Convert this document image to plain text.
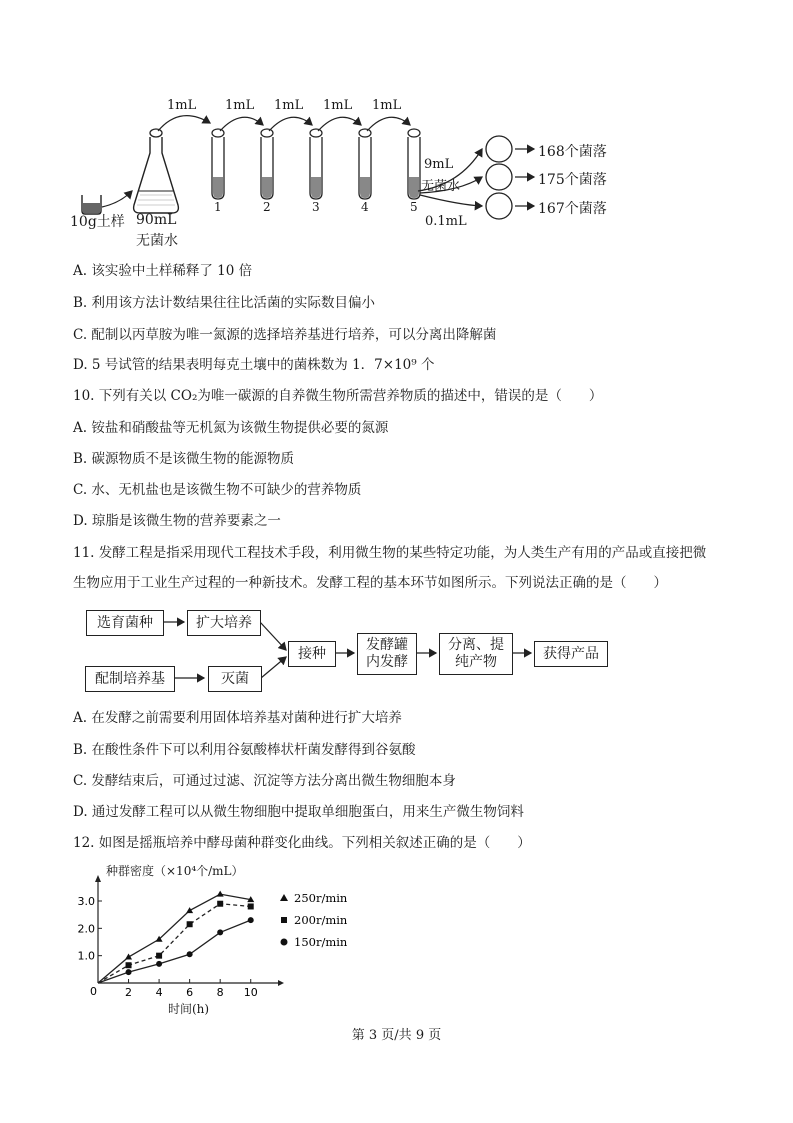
1mL 1mL 1mL 1mL 1mL
10g土样 90mL
无菌水
1	2	3	4	5
9mL
无菌水
0.1mL
168个菌落
175个菌落
167个菌落
A. 该实验中土样稀释了 10 倍
B. 利用该方法计数结果往往比活菌的实际数目偏小
C. 配制以丙草胺为唯一氮源的选择培养基进行培养，可以分离出降解菌
D. 5 号试管的结果表明每克土壤中的菌株数为 1．7×10⁹ 个
10. 下列有关以 CO₂为唯一碳源的自养微生物所需营养物质的描述中，错误的是（　　）
A. 铵盐和硝酸盐等无机氮为该微生物提供必要的氮源
B. 碳源物质不是该微生物的能源物质
C. 水、无机盐也是该微生物不可缺少的营养物质
D. 琼脂是该微生物的营养要素之一
11. 发酵工程是指采用现代工程技术手段，利用微生物的某些特定功能，为人类生产有用的产品或直接把微
生物应用于工业生产过程的一种新技术。发酵工程的基本环节如图所示。下列说法正确的是（　　）
选育菌种	扩大培养
配制培养基	灭菌
接种
发酵罐
内发酵
分离、提
纯产物
获得产品
A. 在发酵之前需要利用固体培养基对菌种进行扩大培养
B. 在酸性条件下可以利用谷氨酸棒状杆菌发酵得到谷氨酸
C. 发酵结束后，可通过过滤、沉淀等方法分离出微生物细胞本身
D. 通过发酵工程可以从微生物细胞中提取单细胞蛋白，用来生产微生物饲料
12. 如图是摇瓶培养中酵母菌种群变化曲线。下列相关叙述正确的是（　　）
种群密度（×10⁴个/mL）
0	2 4 6 8 10
1.0
2.0
3.0	250r/min
200r/min
150r/min
时间(h)
第 3 页/共 9 页
